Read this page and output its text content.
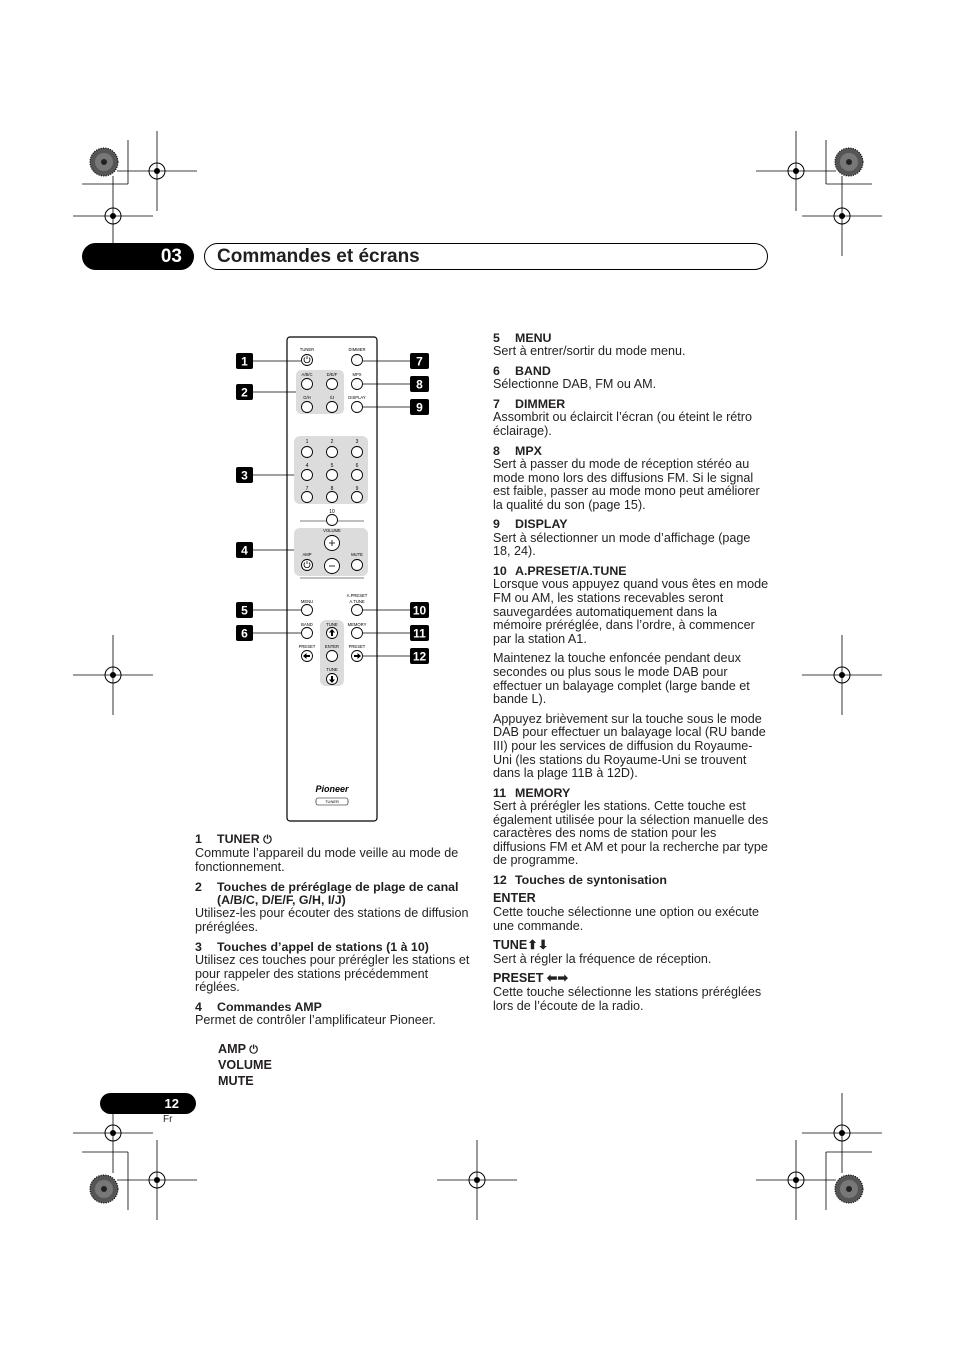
03	Commandes et écrans
TUNER	DIMMER
A/B/C	D/E/F	MPX
G/H	I/J	DISPLAY
1	2	3
4	5	6
7	8	9
10
VOLUME
AMP	MUTE
MENU
A.PRESET
A.TUNE
BAND	TUNE MEMORY
PRESET ENTER PRESET
TUNE
Pioneer
TUNER
1
2
3
4
5
6
7
8
9
10
11
12
1 TUNER ⏻

Commute l’appareil du mode veille au mode de fonctionnement.

2	Touches de préréglage de plage de canal (A/B/C, D/E/F, G/H, I/J)

Utilisez-les pour écouter des stations de diffusion préréglées.

3 Touches d’appel de stations (1 à 10)

Utilisez ces touches pour prérégler les stations et pour rappeler des stations précédemment réglées.

4 Commandes AMP

Permet de contrôler l’amplificateur Pioneer.

AMP ⏻
VOLUME
MUTE
5 MENU

Sert à entrer/sortir du mode menu.

6 BAND

Sélectionne DAB, FM ou AM.

7 DIMMER

Assombrit ou éclaircit l’écran (ou éteint le rétro éclairage).

8 MPX

Sert à passer du mode de réception stéréo au mode mono lors des diffusions FM. Si le signal est faible, passer au mode mono peut améliorer la qualité du son (page 15).

9 DISPLAY

Sert à sélectionner un mode d’affichage (page 18, 24).

10 A.PRESET/A.TUNE

Lorsque vous appuyez quand vous êtes en mode FM ou AM, les stations recevables seront sauvegardées automatiquement dans la mémoire préréglée, dans l’ordre, à commencer par la station A1.

Maintenez la touche enfoncée pendant deux secondes ou plus sous le mode DAB pour effectuer un balayage complet (large bande et bande L).

Appuyez brièvement sur la touche sous le mode DAB pour effectuer un balayage local (RU bande III) pour les services de diffusion du Royaume-Uni (les stations du Royaume-Uni se trouvent dans la plage 11B à 12D).

11 MEMORY

Sert à prérégler les stations. Cette touche est également utilisée pour la sélection manuelle des caractères des noms de station pour les diffusions FM et AM et pour la recherche par type de programme.

12 Touches de syntonisation
ENTER

Cette touche sélectionne une option ou exécute une commande.

TUNE⬆⬇

Sert à régler la fréquence de réception.

PRESET ⬅➡

Cette touche sélectionne les stations préréglées lors de l’écoute de la radio.

12
Fr
